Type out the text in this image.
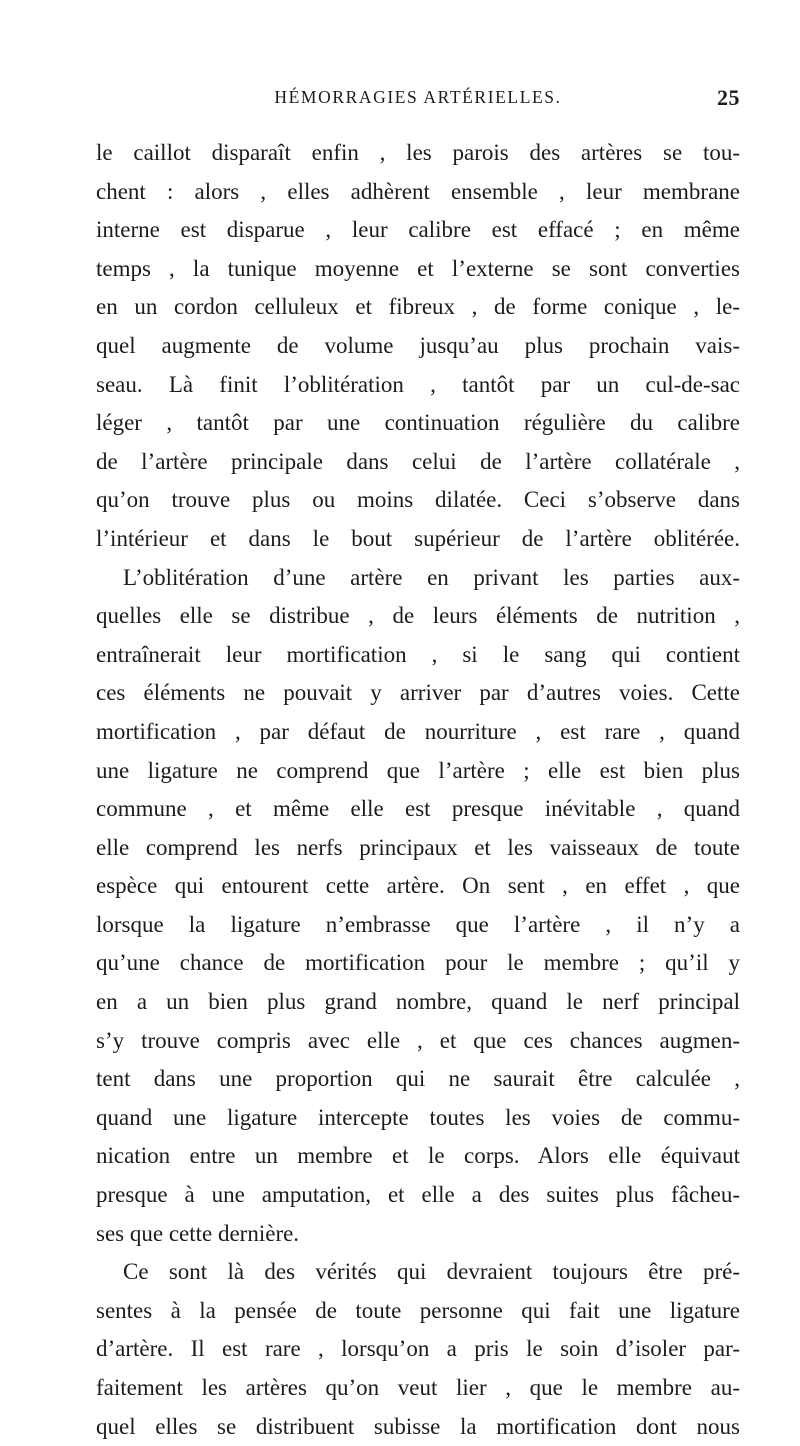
HÉMORRAGIES ARTÉRIELLES.	25
le caillot disparaît enfin , les parois des artères se tou-
chent : alors , elles adhèrent ensemble , leur membrane
interne est disparue , leur calibre est effacé ; en même
temps , la tunique moyenne et l’externe se sont converties
en un cordon celluleux et fibreux , de forme conique , le-
quel augmente de volume jusqu’au plus prochain vais-
seau. Là finit l’oblitération , tantôt par un cul-de-sac
léger , tantôt par une continuation régulière du calibre
de l’artère principale dans celui de l’artère collatérale ,
qu’on trouve plus ou moins dilatée. Ceci s’observe dans
l’intérieur et dans le bout supérieur de l’artère oblitérée.
L’oblitération d’une artère en privant les parties aux-
quelles elle se distribue , de leurs éléments de nutrition ,
entraînerait leur mortification , si le sang qui contient
ces éléments ne pouvait y arriver par d’autres voies. Cette
mortification , par défaut de nourriture , est rare , quand
une ligature ne comprend que l’artère ; elle est bien plus
commune , et même elle est presque inévitable , quand
elle comprend les nerfs principaux et les vaisseaux de toute
espèce qui entourent cette artère. On sent , en effet , que
lorsque la ligature n’embrasse que l’artère , il n’y a
qu’une chance de mortification pour le membre ; qu’il y
en a un bien plus grand nombre, quand le nerf principal
s’y trouve compris avec elle , et que ces chances augmen-
tent dans une proportion qui ne saurait être calculée ,
quand une ligature intercepte toutes les voies de commu-
nication entre un membre et le corps. Alors elle équivaut
presque à une amputation, et elle a des suites plus fâcheu-
ses que cette dernière.
Ce sont là des vérités qui devraient toujours être pré-
sentes à la pensée de toute personne qui fait une ligature
d’artère. Il est rare , lorsqu’on a pris le soin d’isoler par-
faitement les artères qu’on veut lier , que le membre au-
quel elles se distribuent subisse la mortification dont nous
